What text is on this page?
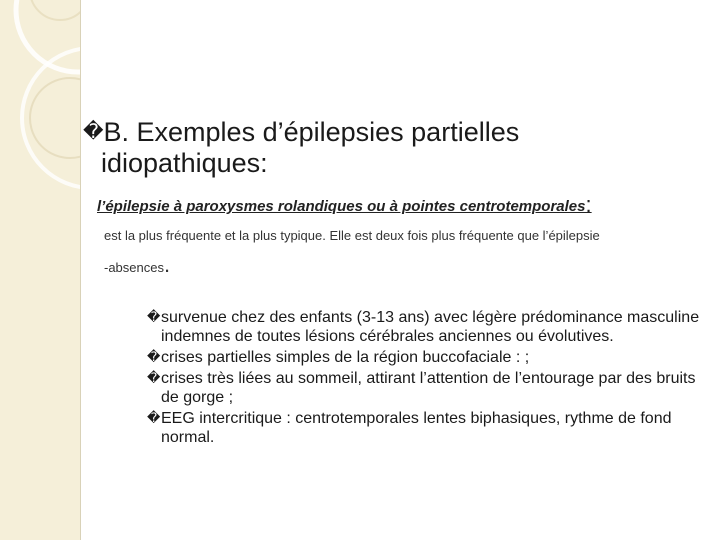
�B. Exemples d’épilepsies partielles
idiopathiques:
l’épilepsie à paroxysmes rolandiques ou à pointes centrotemporales:
est la plus fréquente et la plus typique. Elle est deux fois plus fréquente que l’épilepsie
-absences.
� survenue chez des enfants (3-13 ans) avec légère prédominance masculine indemnes de toutes lésions cérébrales anciennes ou évolutives.
� crises partielles simples de la région buccofaciale : ;
� crises très liées au sommeil, attirant l’attention de l’entourage par des bruits de gorge ;
� EEG intercritique : centrotemporales lentes biphasiques, rythme de fond normal.
